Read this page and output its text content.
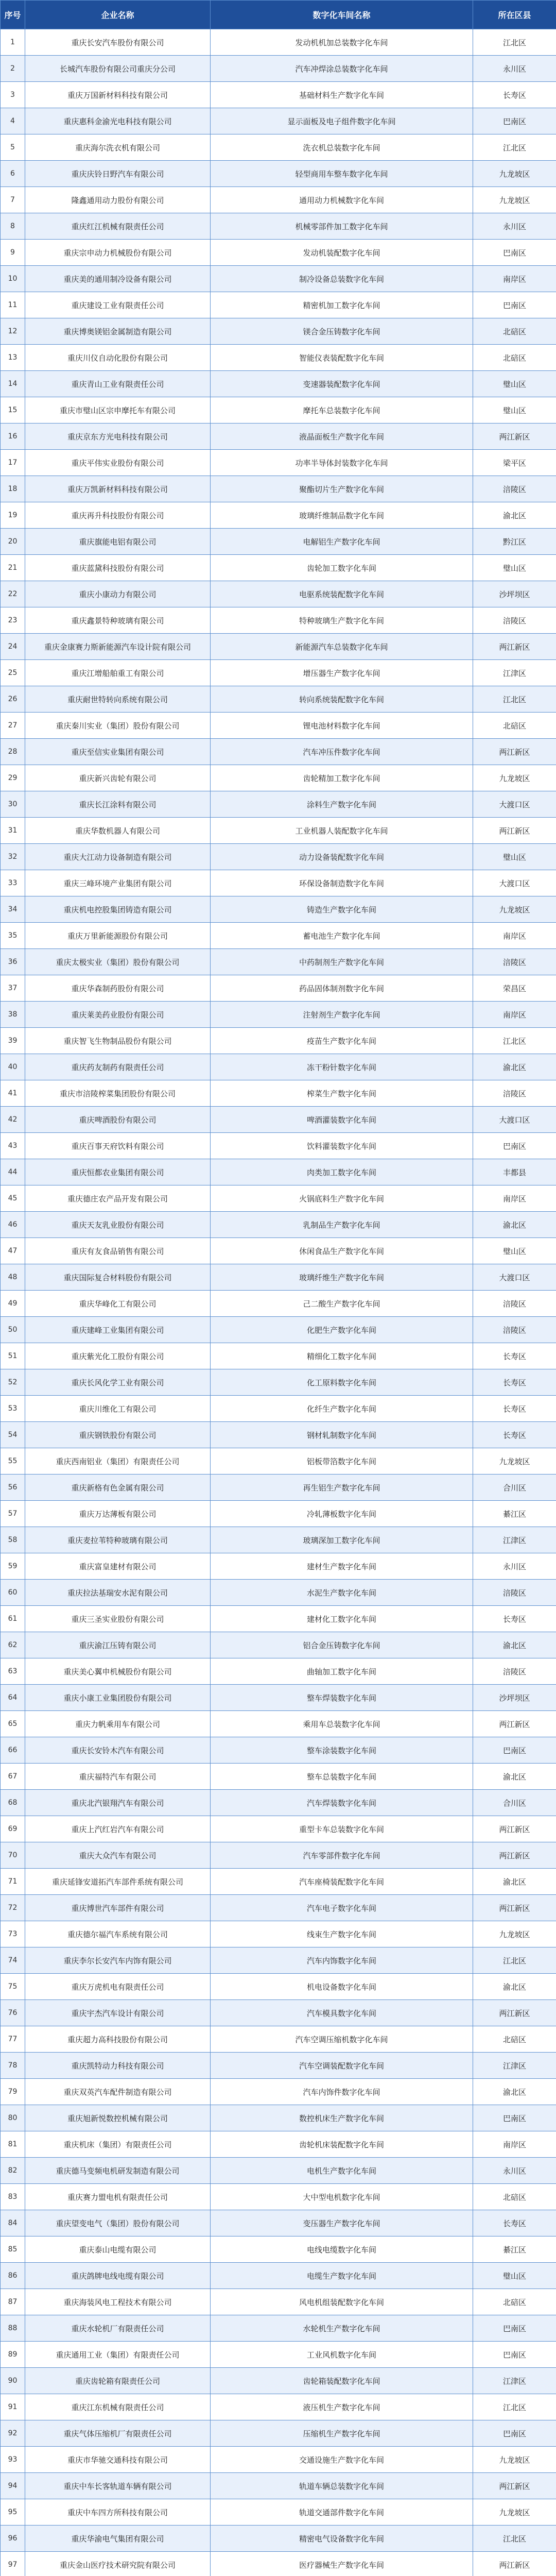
序号	企业名称	数字化车间名称	所在区县
1	重庆长安汽车股份有限公司	发动机机加总装数字化车间	江北区
2	长城汽车股份有限公司重庆分公司	汽车冲焊涂总装数字化车间	永川区
3	重庆万国新材料科技有限公司	基础材料生产数字化车间	长寿区
4	重庆惠科金渝光电科技有限公司	显示面板及电子组件数字化车间	巴南区
5	重庆海尔洗衣机有限公司	洗衣机总装数字化车间	江北区
6	重庆庆铃日野汽车有限公司	轻型商用车整车数字化车间	九龙坡区
7	隆鑫通用动力股份有限公司	通用动力机械数字化车间	九龙坡区
8	重庆红江机械有限责任公司	机械零部件加工数字化车间	永川区
9	重庆宗申动力机械股份有限公司	发动机装配数字化车间	巴南区
10	重庆美的通用制冷设备有限公司	制冷设备总装数字化车间	南岸区
11	重庆建设工业有限责任公司	精密机加工数字化车间	巴南区
12	重庆博奥镁铝金属制造有限公司	镁合金压铸数字化车间	北碚区
13	重庆川仪自动化股份有限公司	智能仪表装配数字化车间	北碚区
14	重庆青山工业有限责任公司	变速器装配数字化车间	璧山区
15	重庆市璧山区宗申摩托车有限公司	摩托车总装数字化车间	璧山区
16	重庆京东方光电科技有限公司	液晶面板生产数字化车间	两江新区
17	重庆平伟实业股份有限公司	功率半导体封装数字化车间	梁平区
18	重庆万凯新材料科技有限公司	聚酯切片生产数字化车间	涪陵区
19	重庆再升科技股份有限公司	玻璃纤维制品数字化车间	渝北区
20	重庆旗能电铝有限公司	电解铝生产数字化车间	黔江区
21	重庆蓝黛科技股份有限公司	齿轮加工数字化车间	璧山区
22	重庆小康动力有限公司	电驱系统装配数字化车间	沙坪坝区
23	重庆鑫景特种玻璃有限公司	特种玻璃生产数字化车间	涪陵区
24	重庆金康赛力斯新能源汽车设计院有限公司	新能源汽车总装数字化车间	两江新区
25	重庆江增船舶重工有限公司	增压器生产数字化车间	江津区
26	重庆耐世特转向系统有限公司	转向系统装配数字化车间	江北区
27	重庆秦川实业（集团）股份有限公司	锂电池材料数字化车间	北碚区
28	重庆至信实业集团有限公司	汽车冲压件数字化车间	两江新区
29	重庆新兴齿轮有限公司	齿轮精加工数字化车间	九龙坡区
30	重庆长江涂料有限公司	涂料生产数字化车间	大渡口区
31	重庆华数机器人有限公司	工业机器人装配数字化车间	两江新区
32	重庆大江动力设备制造有限公司	动力设备装配数字化车间	璧山区
33	重庆三峰环境产业集团有限公司	环保设备制造数字化车间	大渡口区
34	重庆机电控股集团铸造有限公司	铸造生产数字化车间	九龙坡区
35	重庆万里新能源股份有限公司	蓄电池生产数字化车间	南岸区
36	重庆太极实业（集团）股份有限公司	中药制剂生产数字化车间	涪陵区
37	重庆华森制药股份有限公司	药品固体制剂数字化车间	荣昌区
38	重庆莱美药业股份有限公司	注射剂生产数字化车间	南岸区
39	重庆智飞生物制品股份有限公司	疫苗生产数字化车间	江北区
40	重庆药友制药有限责任公司	冻干粉针数字化车间	渝北区
41	重庆市涪陵榨菜集团股份有限公司	榨菜生产数字化车间	涪陵区
42	重庆啤酒股份有限公司	啤酒灌装数字化车间	大渡口区
43	重庆百事天府饮料有限公司	饮料灌装数字化车间	巴南区
44	重庆恒都农业集团有限公司	肉类加工数字化车间	丰都县
45	重庆德庄农产品开发有限公司	火锅底料生产数字化车间	南岸区
46	重庆天友乳业股份有限公司	乳制品生产数字化车间	渝北区
47	重庆有友食品销售有限公司	休闲食品生产数字化车间	璧山区
48	重庆国际复合材料股份有限公司	玻璃纤维生产数字化车间	大渡口区
49	重庆华峰化工有限公司	己二酸生产数字化车间	涪陵区
50	重庆建峰工业集团有限公司	化肥生产数字化车间	涪陵区
51	重庆紫光化工股份有限公司	精细化工数字化车间	长寿区
52	重庆长风化学工业有限公司	化工原料数字化车间	长寿区
53	重庆川维化工有限公司	化纤生产数字化车间	长寿区
54	重庆钢铁股份有限公司	钢材轧制数字化车间	长寿区
55	重庆西南铝业（集团）有限责任公司	铝板带箔数字化车间	九龙坡区
56	重庆新格有色金属有限公司	再生铝生产数字化车间	合川区
57	重庆万达薄板有限公司	冷轧薄板数字化车间	綦江区
58	重庆麦拉苇特种玻璃有限公司	玻璃深加工数字化车间	江津区
59	重庆富皇建材有限公司	建材生产数字化车间	永川区
60	重庆拉法基瑞安水泥有限公司	水泥生产数字化车间	涪陵区
61	重庆三圣实业股份有限公司	建材化工数字化车间	长寿区
62	重庆渝江压铸有限公司	铝合金压铸数字化车间	渝北区
63	重庆美心翼申机械股份有限公司	曲轴加工数字化车间	涪陵区
64	重庆小康工业集团股份有限公司	整车焊装数字化车间	沙坪坝区
65	重庆力帆乘用车有限公司	乘用车总装数字化车间	两江新区
66	重庆长安铃木汽车有限公司	整车涂装数字化车间	巴南区
67	重庆福特汽车有限公司	整车总装数字化车间	渝北区
68	重庆北汽银翔汽车有限公司	汽车焊装数字化车间	合川区
69	重庆上汽红岩汽车有限公司	重型卡车总装数字化车间	两江新区
70	重庆大众汽车有限公司	汽车零部件数字化车间	两江新区
71	重庆延锋安道拓汽车部件系统有限公司	汽车座椅装配数字化车间	渝北区
72	重庆博世汽车部件有限公司	汽车电子数字化车间	两江新区
73	重庆德尔福汽车系统有限公司	线束生产数字化车间	九龙坡区
74	重庆李尔长安汽车内饰有限公司	汽车内饰数字化车间	江北区
75	重庆万虎机电有限责任公司	机电设备数字化车间	渝北区
76	重庆宇杰汽车设计有限公司	汽车模具数字化车间	两江新区
77	重庆超力高科技股份有限公司	汽车空调压缩机数字化车间	北碚区
78	重庆凯特动力科技有限公司	汽车空调装配数字化车间	江津区
79	重庆双英汽车配件制造有限公司	汽车内饰件数字化车间	渝北区
80	重庆旭新悦数控机械有限公司	数控机床生产数字化车间	巴南区
81	重庆机床（集团）有限责任公司	齿轮机床装配数字化车间	南岸区
82	重庆德马变频电机研发制造有限公司	电机生产数字化车间	永川区
83	重庆赛力盟电机有限责任公司	大中型电机数字化车间	北碚区
84	重庆望变电气（集团）股份有限公司	变压器生产数字化车间	长寿区
85	重庆泰山电缆有限公司	电线电缆数字化车间	綦江区
86	重庆鸽牌电线电缆有限公司	电缆生产数字化车间	璧山区
87	重庆海装风电工程技术有限公司	风电机组装配数字化车间	北碚区
88	重庆水轮机厂有限责任公司	水轮机生产数字化车间	巴南区
89	重庆通用工业（集团）有限责任公司	工业风机数字化车间	巴南区
90	重庆齿轮箱有限责任公司	齿轮箱装配数字化车间	江津区
91	重庆江东机械有限责任公司	液压机生产数字化车间	江北区
92	重庆气体压缩机厂有限责任公司	压缩机生产数字化车间	巴南区
93	重庆市华驰交通科技有限公司	交通设施生产数字化车间	九龙坡区
94	重庆中车长客轨道车辆有限公司	轨道车辆总装数字化车间	两江新区
95	重庆中车四方所科技有限公司	轨道交通部件数字化车间	九龙坡区
96	重庆华渝电气集团有限公司	精密电气设备数字化车间	江北区
97	重庆金山医疗技术研究院有限公司	医疗器械生产数字化车间	两江新区
